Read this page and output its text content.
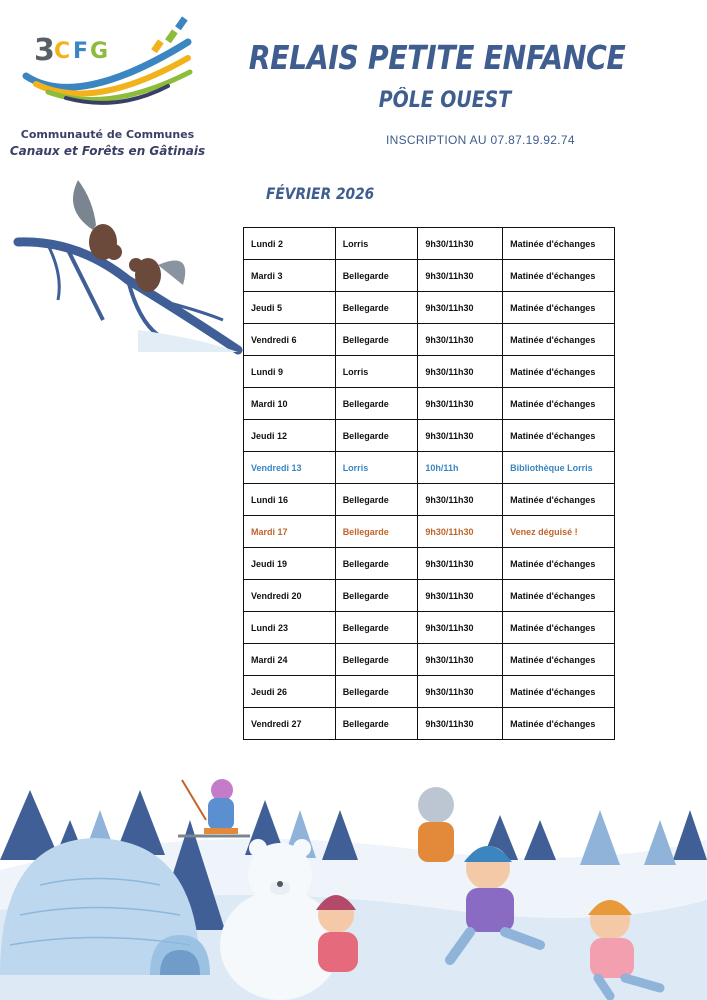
3 C F G
Communauté de Communes
Canaux et Forêts en Gâtinais
RELAIS PETITE ENFANCE
PÔLE OUEST
INSCRIPTION AU 07.87.19.92.74
FÉVRIER 2026
Lundi 2	Lorris	9h30/11h30	Matinée d'échanges
Mardi 3	Bellegarde	9h30/11h30	Matinée d'échanges
Jeudi 5	Bellegarde	9h30/11h30	Matinée d'échanges
Vendredi 6	Bellegarde	9h30/11h30	Matinée d'échanges
Lundi 9	Lorris	9h30/11h30	Matinée d'échanges
Mardi 10	Bellegarde	9h30/11h30	Matinée d'échanges
Jeudi 12	Bellegarde	9h30/11h30	Matinée d'échanges
Vendredi 13	Lorris	10h/11h	Bibliothèque Lorris
Lundi 16	Bellegarde	9h30/11h30	Matinée d'échanges
Mardi 17	Bellegarde	9h30/11h30	Venez déguisé !
Jeudi 19	Bellegarde	9h30/11h30	Matinée d'échanges
Vendredi 20	Bellegarde	9h30/11h30	Matinée d'échanges
Lundi 23	Bellegarde	9h30/11h30	Matinée d'échanges
Mardi 24	Bellegarde	9h30/11h30	Matinée d'échanges
Jeudi 26	Bellegarde	9h30/11h30	Matinée d'échanges
Vendredi 27	Bellegarde	9h30/11h30	Matinée d'échanges
